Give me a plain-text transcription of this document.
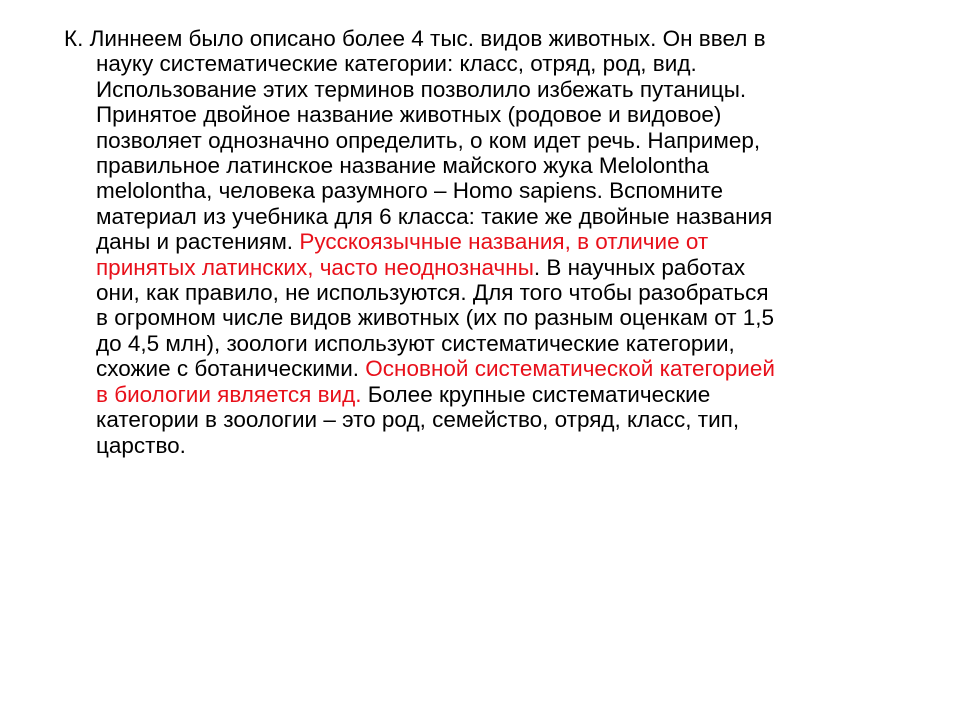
К. Линнеем было описано более 4 тыс. видов животных. Он ввел в
науку систематические категории: класс, отряд, род, вид.
Использование этих терминов позволило избежать путаницы.
Принятое двойное название животных (родовое и видовое)
позволяет однозначно определить, о ком идет речь. Например,
правильное латинское название майского жука Melolontha
melolontha, человека разумного – Homo sapiens. Вспомните
материал из учебника для 6 класса: такие же двойные названия
даны и растениям. Русскоязычные названия, в отличие от
принятых латинских, часто неоднозначны. В научных работах
они, как правило, не используются. Для того чтобы разобраться
в огромном числе видов животных (их по разным оценкам от 1,5
до 4,5 млн), зоологи используют систематические категории,
схожие с ботаническими. Основной систематической категорией
в биологии является вид. Более крупные систематические
категории в зоологии – это род, семейство, отряд, класс, тип,
царство.
